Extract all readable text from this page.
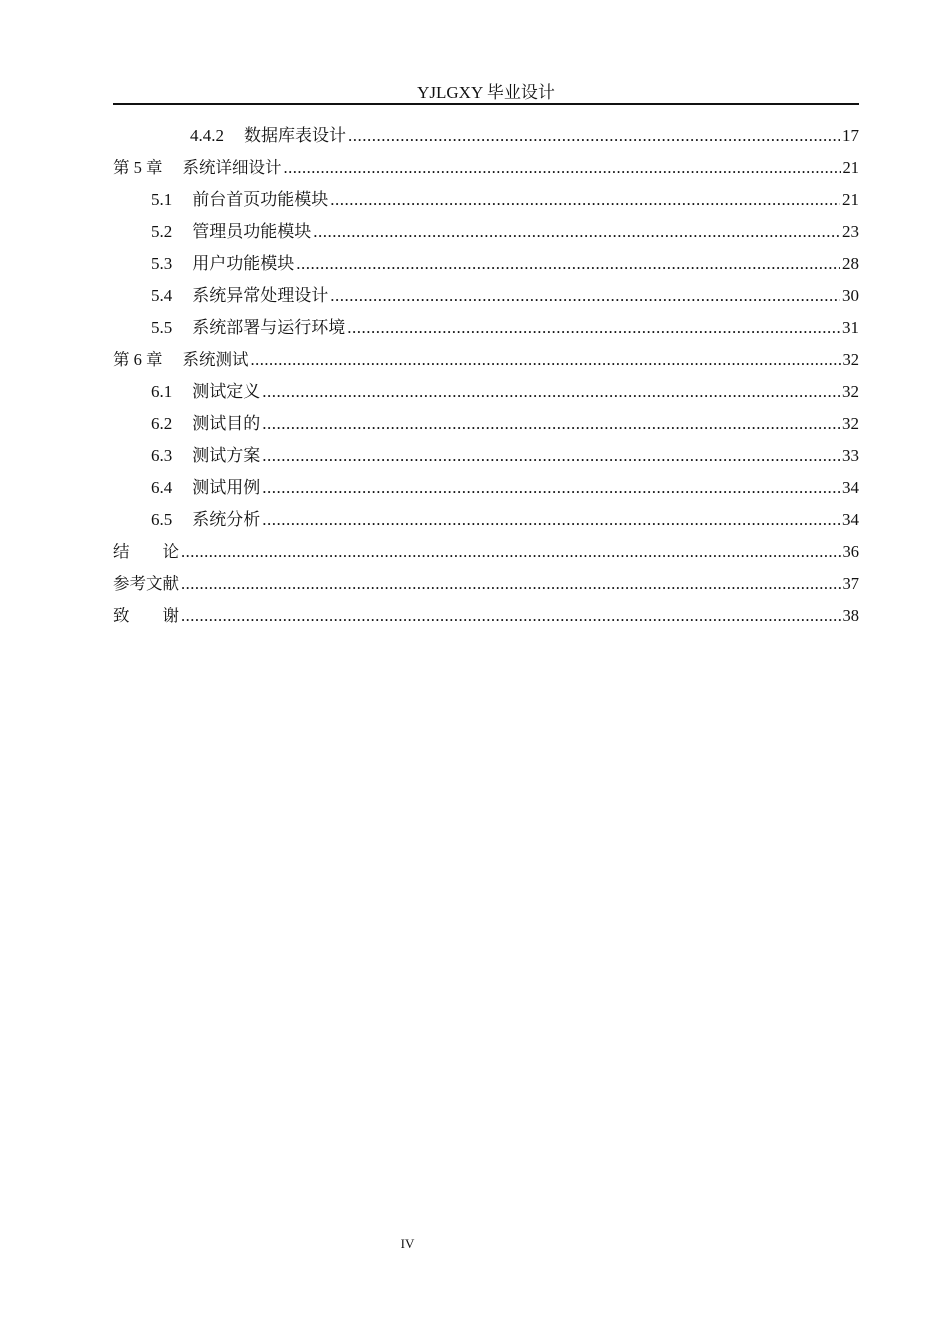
YJLGXY 毕业设计
4.4.2 数据库表设计 .....	17
第 5 章 系统详细设计 .....	21
5.1 前台首页功能模块 .....	21
5.2 管理员功能模块 .....	23
5.3 用户功能模块 .....	28
5.4 系统异常处理设计 .....	30
5.5 系统部署与运行环境 .....	31
第 6 章 系统测试 .....	32
6.1 测试定义 .....	32
6.2 测试目的 .....	32
6.3 测试方案 .....	33
6.4 测试用例 .....	34
6.5 系统分析 .....	34
结　　论 .....	36
参考文献 .....	37
致　　谢 .....	38
IV
